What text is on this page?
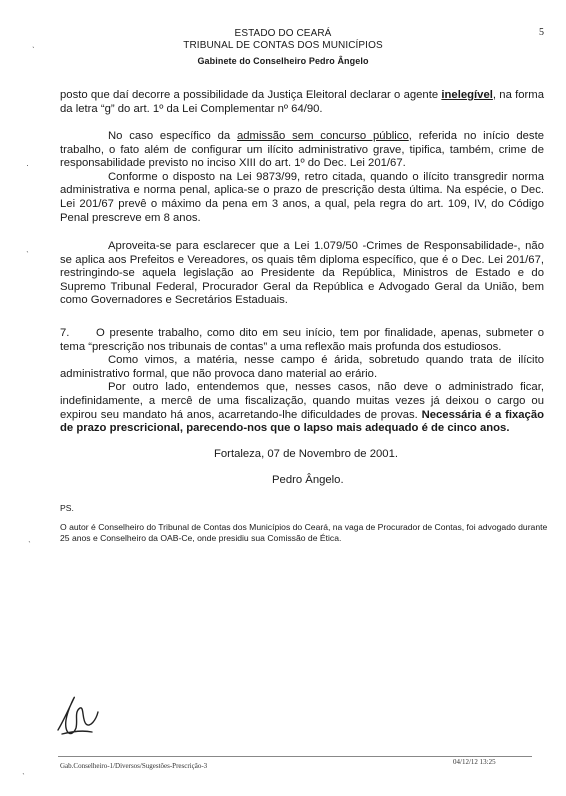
ˎ
·
ˋ
ˋ
ˋ
ESTADO DO CEARÁ
TRIBUNAL DE CONTAS DOS MUNICÍPIOS
Gabinete do Conselheiro Pedro Ângelo
5

posto que daí decorre a possibilidade da Justiça Eleitoral declarar o agente inelegível, na forma da letra “g” do art. 1º da Lei Complementar nº 64/90.

No caso específico da admissão sem concurso público, referida no início deste trabalho, o fato além de configurar um ilícito administrativo grave, tipifica, também, crime de responsabilidade previsto no inciso XIII do art. 1º do Dec. Lei 201/67.

Conforme o disposto na Lei 9873/99, retro citada, quando o ilícito transgredir norma administrativa e norma penal, aplica-se o prazo de prescrição desta última. Na espécie, o Dec. Lei 201/67 prevê o máximo da pena em 3 anos, a qual, pela regra do art. 109, IV, do Código Penal prescreve em 8 anos.

Aproveita-se para esclarecer que a Lei 1.079/50 -Crimes de Responsabilidade-, não se aplica aos Prefeitos e Vereadores, os quais têm diploma específico, que é o Dec. Lei 201/67, restringindo-se aquela legislação ao Presidente da República, Ministros de Estado e do Supremo Tribunal Federal, Procurador Geral da República e Advogado Geral da União, bem como Governadores e Secretários Estaduais.

7. O presente trabalho, como dito em seu início, tem por finalidade, apenas, submeter o tema “prescrição nos tribunais de contas” a uma reflexão mais profunda dos estudiosos.

Como vimos, a matéria, nesse campo é árida, sobretudo quando trata de ilícito administrativo formal, que não provoca dano material ao erário.

Por outro lado, entendemos que, nesses casos, não deve o administrado ficar, indefinidamente, a mercê de uma fiscalização, quando muitas vezes já deixou o cargo ou expirou seu mandato há anos, acarretando-lhe dificuldades de provas. Necessária é a fixação de prazo prescricional, parecendo-nos que o lapso mais adequado é de cinco anos.

Fortaleza, 07 de Novembro de 2001.
Pedro Ângelo.
PS.
O autor é Conselheiro do Tribunal de Contas dos Municípios do Ceará, na vaga de Procurador de Contas, foi advogado durante 25 anos e Conselheiro da OAB-Ce, onde presidiu sua Comissão de Ética.
Gab.Conselheiro-1/Diversos/Sugestões-Prescrição-3	04/12/12 13:25
